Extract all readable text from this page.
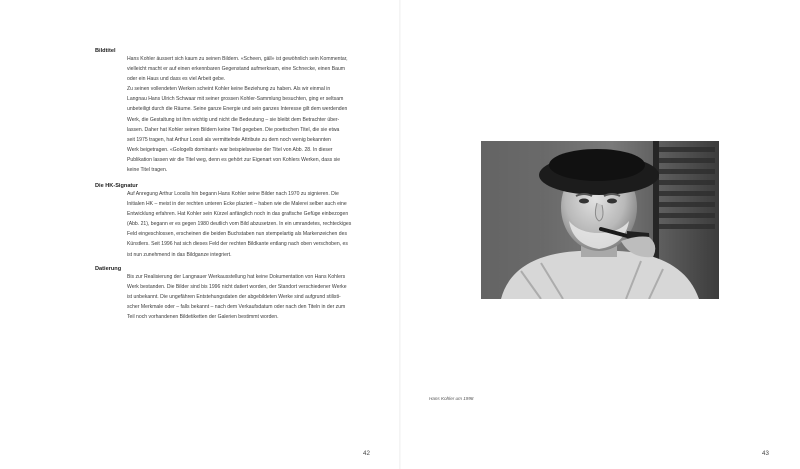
Bildtitel

Hans Kohler äussert sich kaum zu seinen Bildern. «Scheen, gäll» ist gewöhnlich sein Kommentar,
vielleicht macht er auf einen erkennbaren Gegenstand aufmerksam, eine Schnecke, einen Baum
oder ein Haus und dass es viel Arbeit gebe.

Zu seinen vollendeten Werken scheint Kohler keine Beziehung zu haben. Als wir einmal in
Langnau Hans Ulrich Schwaar mit seiner grossen Kohler-Sammlung besuchten, ging er seltsam
unbeteiligt durch die Räume. Seine ganze Energie und sein ganzes Interesse gilt dem werdenden
Werk, die Gestaltung ist ihm wichtig und nicht die Bedeutung – sie bleibt dem Betrachter über-
lassen. Daher hat Kohler seinen Bildern keine Titel gegeben. Die poetischen Titel, die sie etwa
seit 1975 tragen, hat Arthur Loosli als vermittelnde Attribute zu dem noch wenig bekannten
Werk beigetragen. «Gologelb dominant» war beispielsweise der Titel von Abb. 28. In dieser
Publikation lassen wir die Titel weg, denn es gehört zur Eigenart von Kohlers Werken, dass sie
keine Titel tragen.

Die HK-Signatur

Auf Anregung Arthur Looslis hin begann Hans Kohler seine Bilder nach 1970 zu signieren. Die
Initialen HK – meist in der rechten unteren Ecke plaziert – haben wie die Malerei selber auch eine
Entwicklung erfahren. Hat Kohler sein Kürzel anfänglich noch in das grafische Gefüge einbezogen
(Abb. 21), begann er es gegen 1980 deutlich vom Bild abzusetzen. In ein umrandetes, rechteckiges
Feld eingeschlossen, erscheinen die beiden Buchstaben nun stempelartig als Markenzeichen des
Künstlers. Seit 1996 hat sich dieses Feld der rechten Bildkante entlang nach oben verschoben, es
ist nun zunehmend in das Bildganze integriert.

Datierung

Bis zur Realisierung der Langnauer Werkausstellung hat keine Dokumentation von Hans Kohlers
Werk bestanden. Die Bilder sind bis 1996 nicht datiert worden, der Standort verschiedener Werke
ist unbekannt. Die ungefähren Entstehungsdaten der abgebildeten Werke sind aufgrund stilisti-
scher Merkmale oder – falls bekannt – nach dem Verkaufsdatum oder nach den Titeln in der zum
Teil noch vorhandenen Bildetiketten der Galerien bestimmt worden.

Hans Kohler um 1998
42	43
